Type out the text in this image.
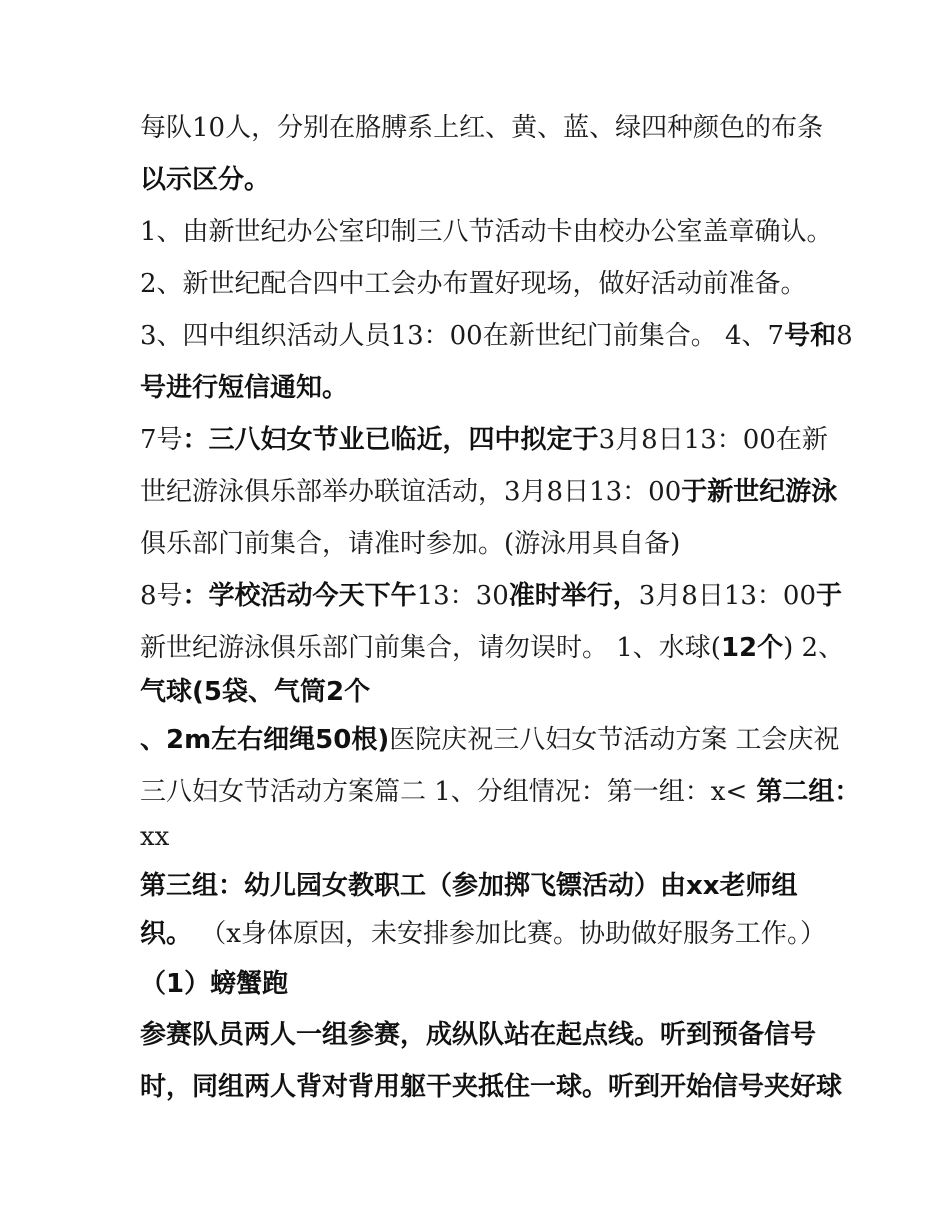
每队10人，分别在胳膊系上红、黄、蓝、绿四种颜色的布条
以示区分。
1、由新世纪办公室印制三八节活动卡由校办公室盖章确认。
2、新世纪配合四中工会办布置好现场，做好活动前准备。
3、四中组织活动人员13：00在新世纪门前集合。 4、7号和8
号进行短信通知。
7号：三八妇女节业已临近，四中拟定于3月8日13：00在新
世纪游泳俱乐部举办联谊活动，3月8日13：00于新世纪游泳
俱乐部门前集合，请准时参加。(游泳用具自备)
8号：学校活动今天下午13：30准时举行，3月8日13：00于
新世纪游泳俱乐部门前集合，请勿误时。 1、水球(12个) 2、
气球(5袋、气筒2个
、2m左右细绳50根)医院庆祝三八妇女节活动方案 工会庆祝
三八妇女节活动方案篇二 1、分组情况：第一组：x< 第二组：
xx
第三组：幼儿园女教职工（参加掷飞镖活动）由xx老师组
织。 （x身体原因，未安排参加比赛。协助做好服务工作。）
（1）螃蟹跑
参赛队员两人一组参赛，成纵队站在起点线。听到预备信号
时，同组两人背对背用躯干夹抵住一球。听到开始信号夹好球
